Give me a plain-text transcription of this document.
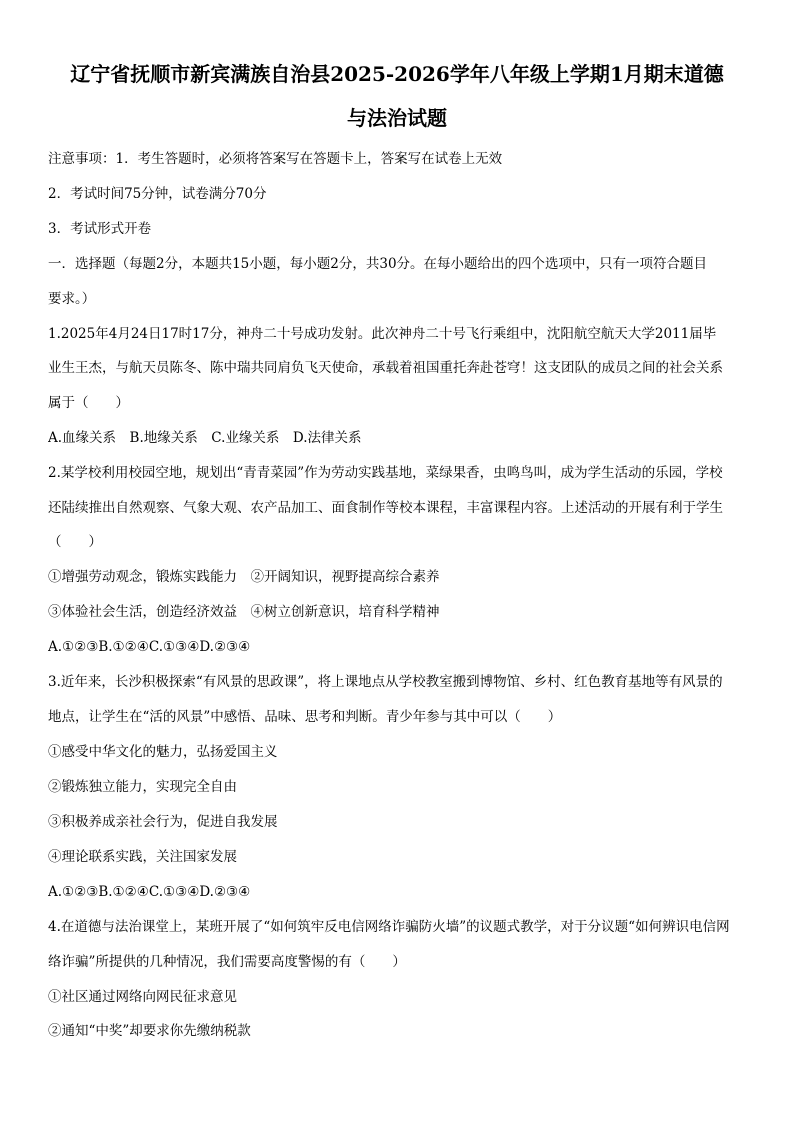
辽宁省抚顺市新宾满族自治县2025-2026学年八年级上学期1月期末道德
与法治试题
注意事项：1．考生答题时，必须将答案写在答题卡上，答案写在试卷上无效
2．考试时间75分钟，试卷满分70分
3．考试形式开卷
一．选择题（每题2分，本题共15小题，每小题2分，共30分。在每小题给出的四个选项中，只有一项符合题目
要求。）
1.2025年4月24日17时17分，神舟二十号成功发射。此次神舟二十号飞行乘组中，沈阳航空航天大学2011届毕
业生王杰，与航天员陈冬、陈中瑞共同肩负飞天使命，承载着祖国重托奔赴苍穹！这支团队的成员之间的社会关系
属于（　　）
A.血缘关系　B.地缘关系　C.业缘关系　D.法律关系
2.某学校利用校园空地，规划出“青青菜园”作为劳动实践基地，菜绿果香，虫鸣鸟叫，成为学生活动的乐园，学校
还陆续推出自然观察、气象大观、农产品加工、面食制作等校本课程，丰富课程内容。上述活动的开展有利于学生
（　　）
①增强劳动观念，锻炼实践能力　②开阔知识，视野提高综合素养
③体验社会生活，创造经济效益　④树立创新意识，培育科学精神
A.①②③B.①②④C.①③④D.②③④
3.近年来，长沙积极探索“有风景的思政课”，将上课地点从学校教室搬到博物馆、乡村、红色教育基地等有风景的
地点，让学生在“活的风景”中感悟、品味、思考和判断。青少年参与其中可以（　　）
①感受中华文化的魅力，弘扬爱国主义
②锻炼独立能力，实现完全自由
③积极养成亲社会行为，促进自我发展
④理论联系实践，关注国家发展
A.①②③B.①②④C.①③④D.②③④
4.在道德与法治课堂上，某班开展了“如何筑牢反电信网络诈骗防火墙”的议题式教学，对于分议题“如何辨识电信网
络诈骗”所提供的几种情况，我们需要高度警惕的有（　　）
①社区通过网络向网民征求意见
②通知“中奖”却要求你先缴纳税款
